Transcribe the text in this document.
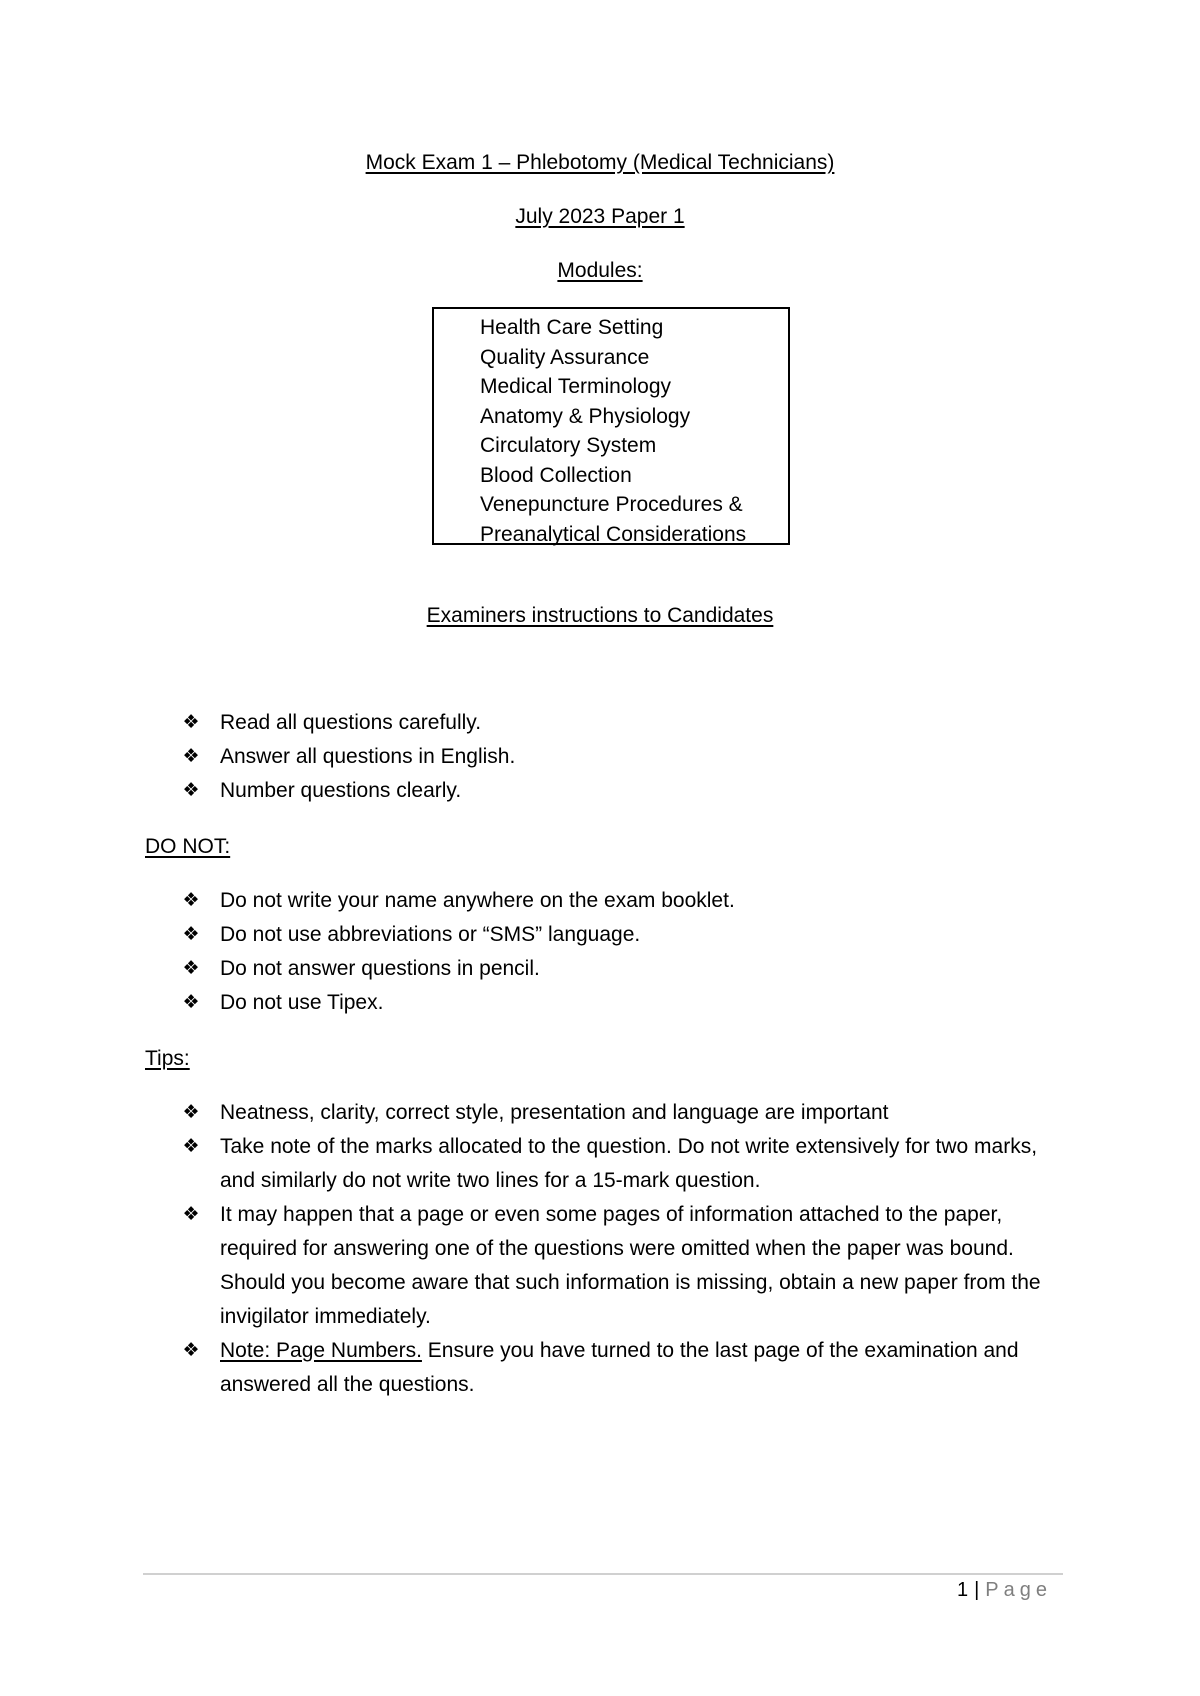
Mock Exam 1 – Phlebotomy (Medical Technicians)
July 2023 Paper 1
Modules:
Health Care Setting
Quality Assurance
Medical Terminology
Anatomy & Physiology
Circulatory System
Blood Collection
Venepuncture Procedures &
Preanalytical Considerations
Examiners instructions to Candidates
❖ Read all questions carefully.
❖ Answer all questions in English.
❖ Number questions clearly.
DO NOT:
❖ Do not write your name anywhere on the exam booklet.
❖ Do not use abbreviations or “SMS” language.
❖ Do not answer questions in pencil.
❖ Do not use Tipex.
Tips:
❖ Neatness, clarity, correct style, presentation and language are important
❖ Take note of the marks allocated to the question. Do not write extensively for two marks, and similarly do not write two lines for a 15-mark question.
❖ It may happen that a page or even some pages of information attached to the paper, required for answering one of the questions were omitted when the paper was bound. Should you become aware that such information is missing, obtain a new paper from the invigilator immediately.
❖ Note: Page Numbers. Ensure you have turned to the last page of the examination and answered all the questions.
1 | Page
